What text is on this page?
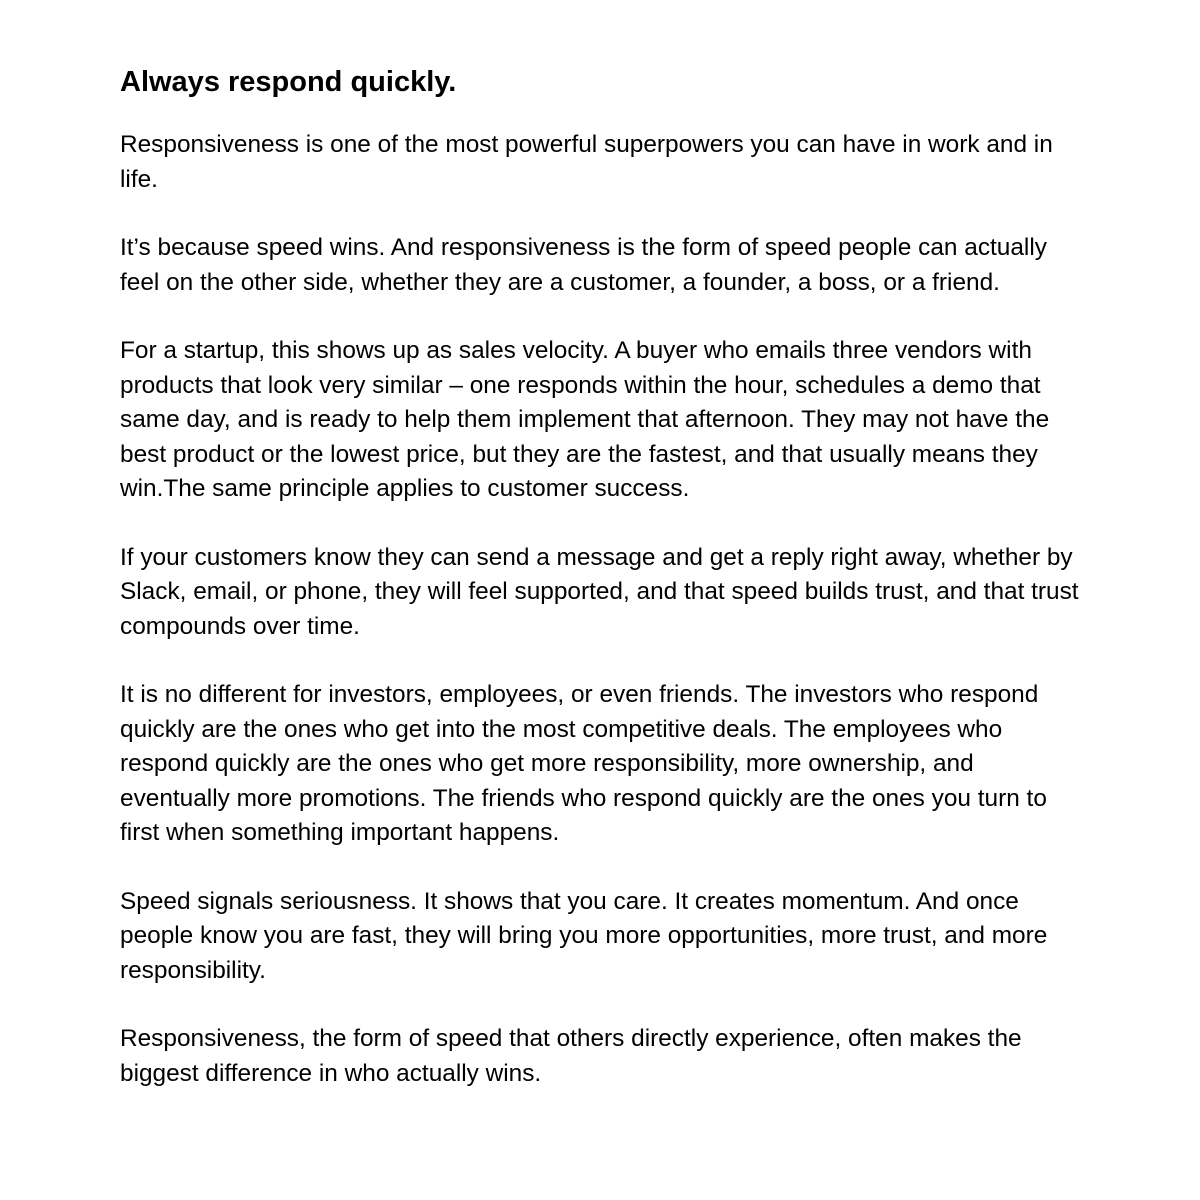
Always respond quickly.

Responsiveness is one of the most powerful superpowers you can have in work and in life.

It’s because speed wins. And responsiveness is the form of speed people can actually feel on the other side, whether they are a customer, a founder, a boss, or a friend.

For a startup, this shows up as sales velocity. A buyer who emails three vendors with products that look very similar – one responds within the hour, schedules a demo that same day, and is ready to help them implement that afternoon. They may not have the best product or the lowest price, but they are the fastest, and that usually means they win.The same principle applies to customer success.

If your customers know they can send a message and get a reply right away, whether by Slack, email, or phone, they will feel supported, and that speed builds trust, and that trust compounds over time.

It is no different for investors, employees, or even friends. The investors who respond quickly are the ones who get into the most competitive deals. The employees who respond quickly are the ones who get more responsibility, more ownership, and eventually more promotions. The friends who respond quickly are the ones you turn to first when something important happens.

Speed signals seriousness. It shows that you care. It creates momentum. And once people know you are fast, they will bring you more opportunities, more trust, and more responsibility.

Responsiveness, the form of speed that others directly experience, often makes the biggest difference in who actually wins.
